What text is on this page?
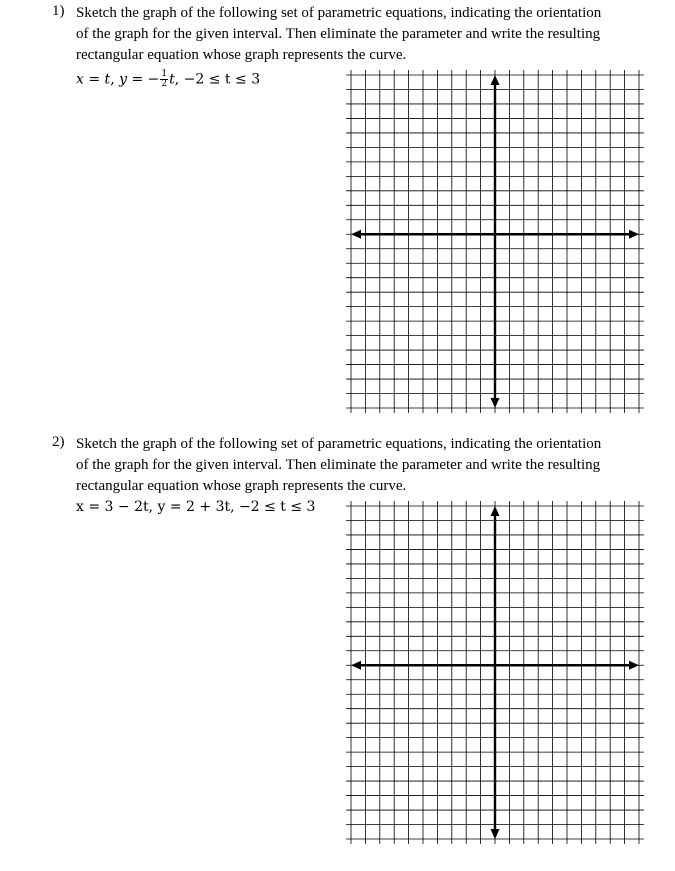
1) Sketch the graph of the following set of parametric equations, indicating the orientation
of the graph for the given interval. Then eliminate the parameter and write the resulting
rectangular equation whose graph represents the curve.
x = t, y = − $\frac{1}{2} t$, −2 ≤ t ≤ 3
2) Sketch the graph of the following set of parametric equations, indicating the orientation
of the graph for the given interval. Then eliminate the parameter and write the resulting
rectangular equation whose graph represents the curve.
x = 3 − 2t, y = 2 + 3t, −2 ≤ t ≤ 3
